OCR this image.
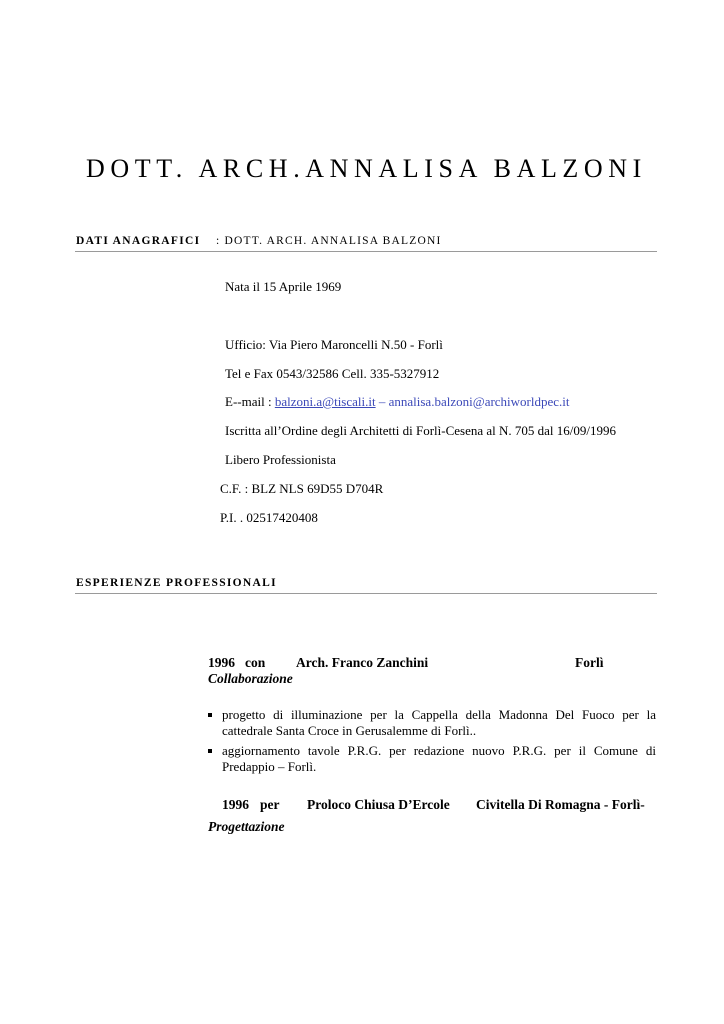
DOTT. ARCH.ANNALISA BALZONI
DATI ANAGRAFICI : DOTT. ARCH. ANNALISA BALZONI
Nata il 15 Aprile 1969
Ufficio: Via Piero Maroncelli N.50 - Forlì
Tel e Fax 0543/32586 Cell. 335-5327912
E--mail : balzoni.a@tiscali.it – annalisa.balzoni@archiworldpec.it
Iscritta all’Ordine degli Architetti di Forlì-Cesena al N. 705 dal 16/09/1996
Libero Professionista
C.F. : BLZ NLS 69D55 D704R
P.I. . 02517420408
ESPERIENZE PROFESSIONALI
1996 con Arch. Franco Zanchini	Forlì
Collaborazione
progetto di illuminazione per la Cappella della Madonna Del Fuoco per la cattedrale Santa Croce in Gerusalemme di Forlì..
aggiornamento tavole P.R.G. per redazione nuovo P.R.G. per il Comune di Predappio – Forlì.
1996 per Proloco Chiusa D’Ercole Civitella Di Romagna - Forlì-
Progettazione
